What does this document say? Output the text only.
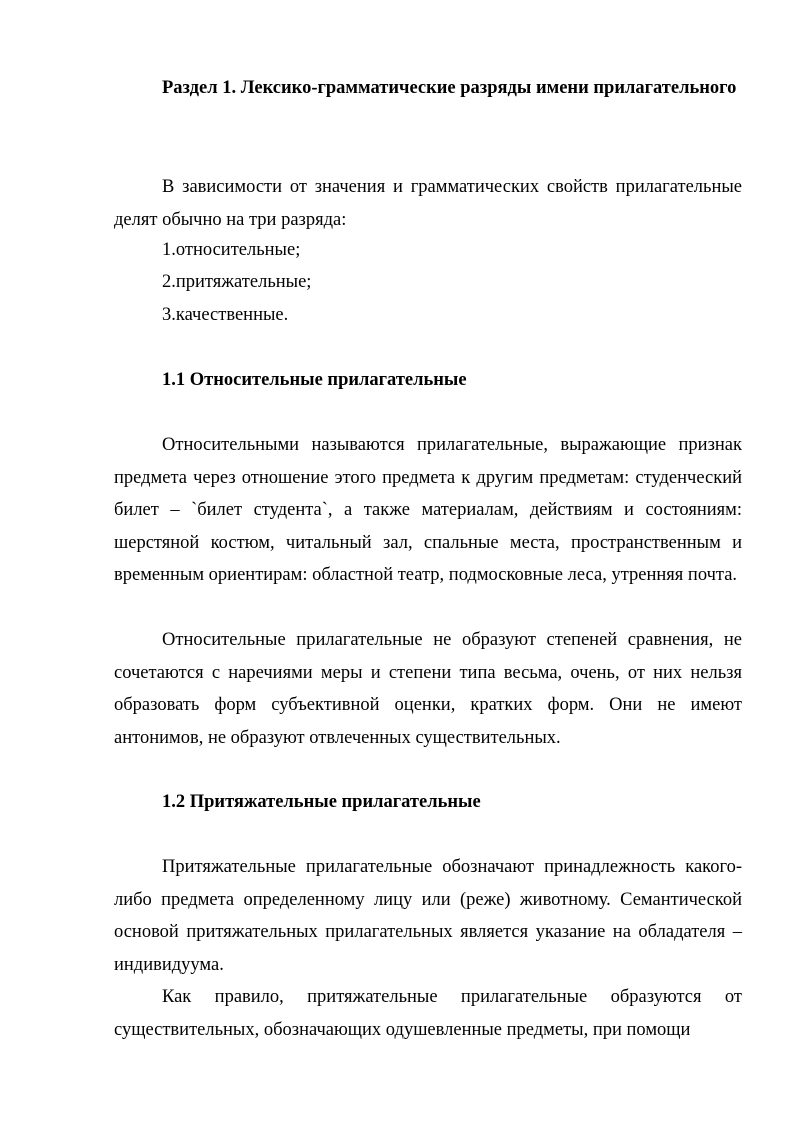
Раздел 1. Лексико-грамматические разряды имени прилагательного

В зависимости от значения и грамматических свойств прилагательные делят обычно на три разряда:

1.относительные;

2.притяжательные;

3.качественные.

1.1 Относительные прилагательные

Относительными называются прилагательные, выражающие признак предмета через отношение этого предмета к другим предметам: студенческий билет – `билет студента`, а также материалам, действиям и состояниям: шерстяной костюм, читальный зал, спальные места, пространственным и временным ориентирам: областной театр, подмосковные леса, утренняя почта.

Относительные прилагательные не образуют степеней сравнения, не сочетаются с наречиями меры и степени типа весьма, очень, от них нельзя образовать форм субъективной оценки, кратких форм. Они не имеют антонимов, не образуют отвлеченных существительных.

1.2 Притяжательные прилагательные

Притяжательные прилагательные обозначают принадлежность какого-либо предмета определенному лицу или (реже) животному. Семантической основой притяжательных прилагательных является указание на обладателя – индивидуума.

Как правило, притяжательные прилагательные образуются от существительных, обозначающих одушевленные предметы, при помощи
